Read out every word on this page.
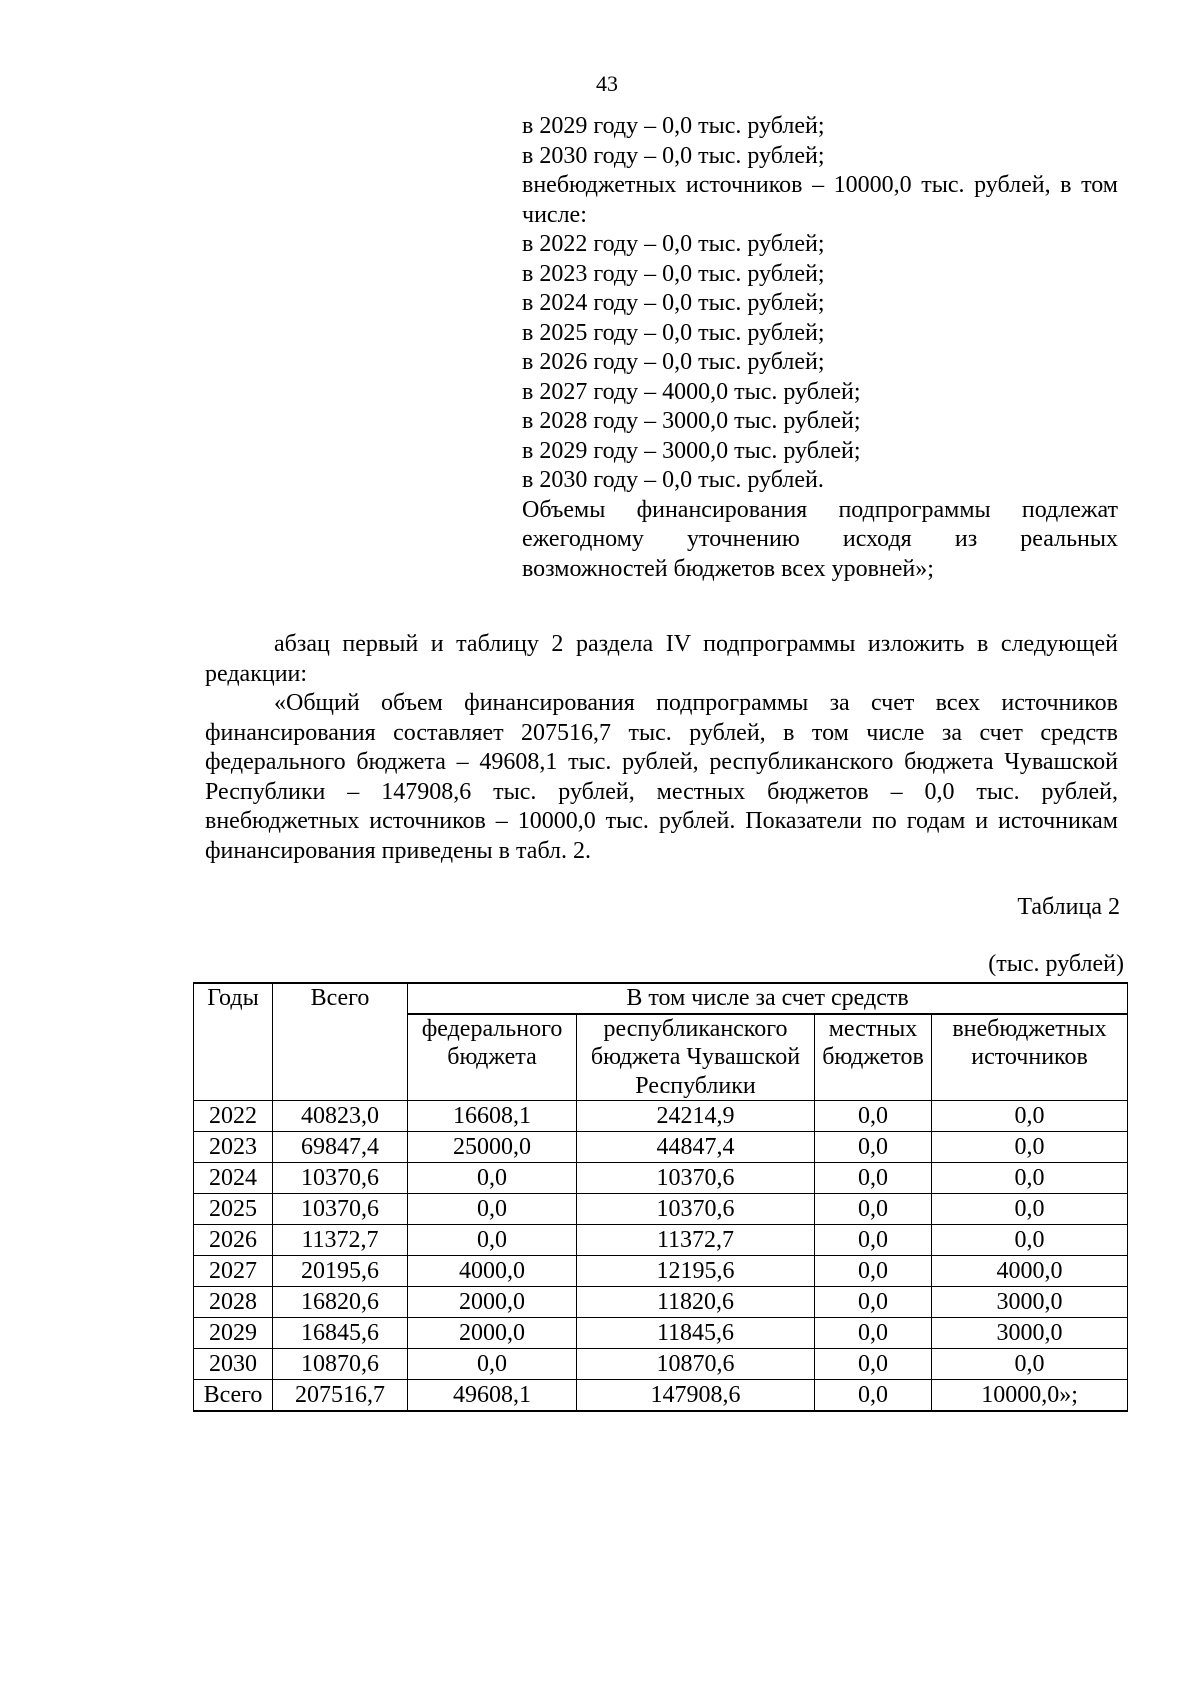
43
в 2029 году – 0,0 тыс. рублей;
в 2030 году – 0,0 тыс. рублей;
внебюджетных источников – 10000,0 тыс. рублей, в том числе:
в 2022 году – 0,0 тыс. рублей;
в 2023 году – 0,0 тыс. рублей;
в 2024 году – 0,0 тыс. рублей;
в 2025 году – 0,0 тыс. рублей;
в 2026 году – 0,0 тыс. рублей;
в 2027 году – 4000,0 тыс. рублей;
в 2028 году – 3000,0 тыс. рублей;
в 2029 году – 3000,0 тыс. рублей;
в 2030 году – 0,0 тыс. рублей.
Объемы финансирования подпрограммы подлежат ежегодному уточнению исходя из реальных возможностей бюджетов всех уровней»;

абзац первый и таблицу 2 раздела IV подпрограммы изложить в следующей редакции:

«Общий объем финансирования подпрограммы за счет всех источников финансирования составляет 207516,7 тыс. рублей, в том числе за счет средств федерального бюджета – 49608,1 тыс. рублей, республиканского бюджета Чувашской Республики – 147908,6 тыс. рублей, местных бюджетов – 0,0 тыс. рублей, внебюджетных источников – 10000,0 тыс. рублей. Показатели по годам и источникам финансирования приведены в табл. 2.

Таблица 2
(тыс. рублей)
Годы	Всего	В том числе за счет средств			
		федерального бюджета	республиканского бюджета Чувашской Республики	местных бюджетов	внебюджетных источников
2022	40823,0	16608,1	24214,9	0,0	0,0
2023	69847,4	25000,0	44847,4	0,0	0,0
2024	10370,6	0,0	10370,6	0,0	0,0
2025	10370,6	0,0	10370,6	0,0	0,0
2026	11372,7	0,0	11372,7	0,0	0,0
2027	20195,6	4000,0	12195,6	0,0	4000,0
2028	16820,6	2000,0	11820,6	0,0	3000,0
2029	16845,6	2000,0	11845,6	0,0	3000,0
2030	10870,6	0,0	10870,6	0,0	0,0
Всего	207516,7	49608,1	147908,6	0,0	10000,0»;
